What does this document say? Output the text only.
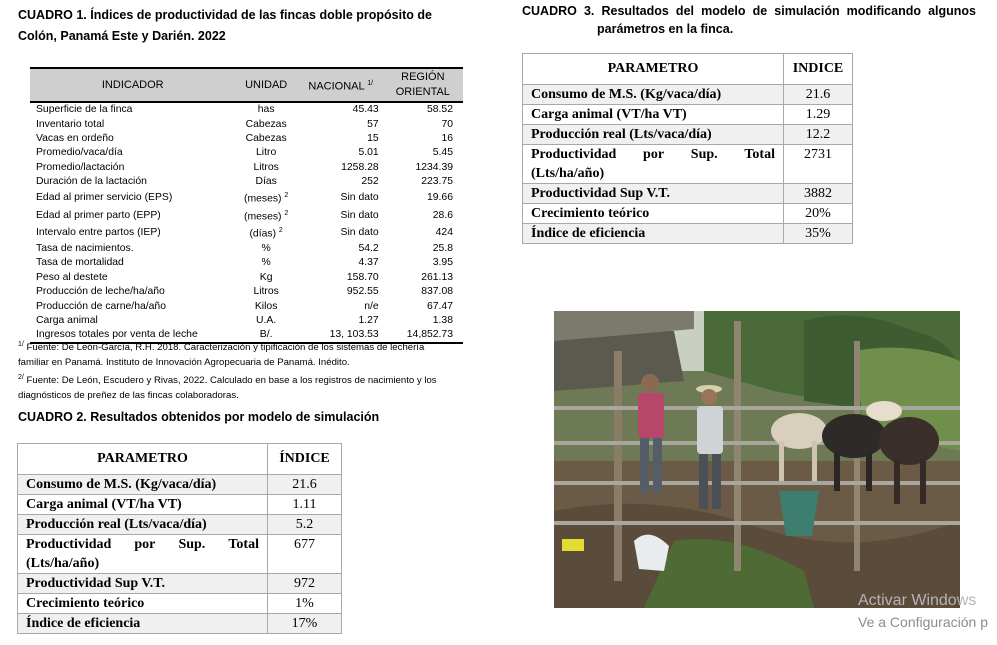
CUADRO 1. Índices de productividad de las fincas doble propósito de
Colón, Panamá Este y Darién. 2022
INDICADOR	UNIDAD	NACIONAL $^{1/}$	REGIÓN
ORIENTAL

Superficie de la finca	has	45.43	58.52
Inventario total	Cabezas	57	70
Vacas en ordeño	Cabezas	15	16
Promedio/vaca/día	Litro	5.01	5.45
Promedio/lactación	Litros	1258.28	1234.39
Duración de la lactación	Días	252	223.75
Edad al primer servicio (EPS)	(meses) $^2$	Sin dato	19.66
Edad al primer parto (EPP)	(meses) $^2$	Sin dato	28.6
Intervalo entre partos (IEP)	(días) $^2$	Sin dato	424
Tasa de nacimientos.	%	54.2	25.8
Tasa de mortalidad	%	4.37	3.95
Peso al destete	Kg	158.70	261.13
Producción de leche/ha/año	Litros	952.55	837.08
Producción de carne/ha/año	Kilos	n/e	67.47
Carga animal	U.A.	1.27	1.38
Ingresos totales por venta de leche	B/.	13, 103.53	14,852.73
$^{1/}$ Fuente: De León-García, R.H. 2018. Caracterización y tipificación de los sistemas de lechería
familiar en Panamá. Instituto de Innovación Agropecuaria de Panamá. Inédito.
$^{2/}$ Fuente: De León, Escudero y Rivas, 2022. Calculado en base a los registros de nacimiento y los
diagnósticos de preñez de las fincas colaboradoras.
CUADRO 2. Resultados obtenidos por modelo de simulación
PARAMETRO	ÍNDICE
Consumo de M.S. (Kg/vaca/día)	21.6
Carga animal (VT/ha VT)	1.11
Producción real (Lts/vaca/día)	5.2

Productividad por Sup. Total
(Lts/ha/año)	677
Productividad Sup V.T.	972
Crecimiento teórico	1%
Índice de eficiencia	17%
CUADRO 3. Resultados del modelo de simulación modificando algunos
parámetros en la finca.
PARAMETRO	INDICE
Consumo de M.S. (Kg/vaca/día)	21.6
Carga animal (VT/ha VT)	1.29
Producción real (Lts/vaca/día)	12.2

Productividad por Sup. Total
(Lts/ha/año)	2731
Productividad Sup V.T.	3882
Crecimiento teórico	20%
Índice de eficiencia	35%
Activar Windows
Ve a Configuración p
